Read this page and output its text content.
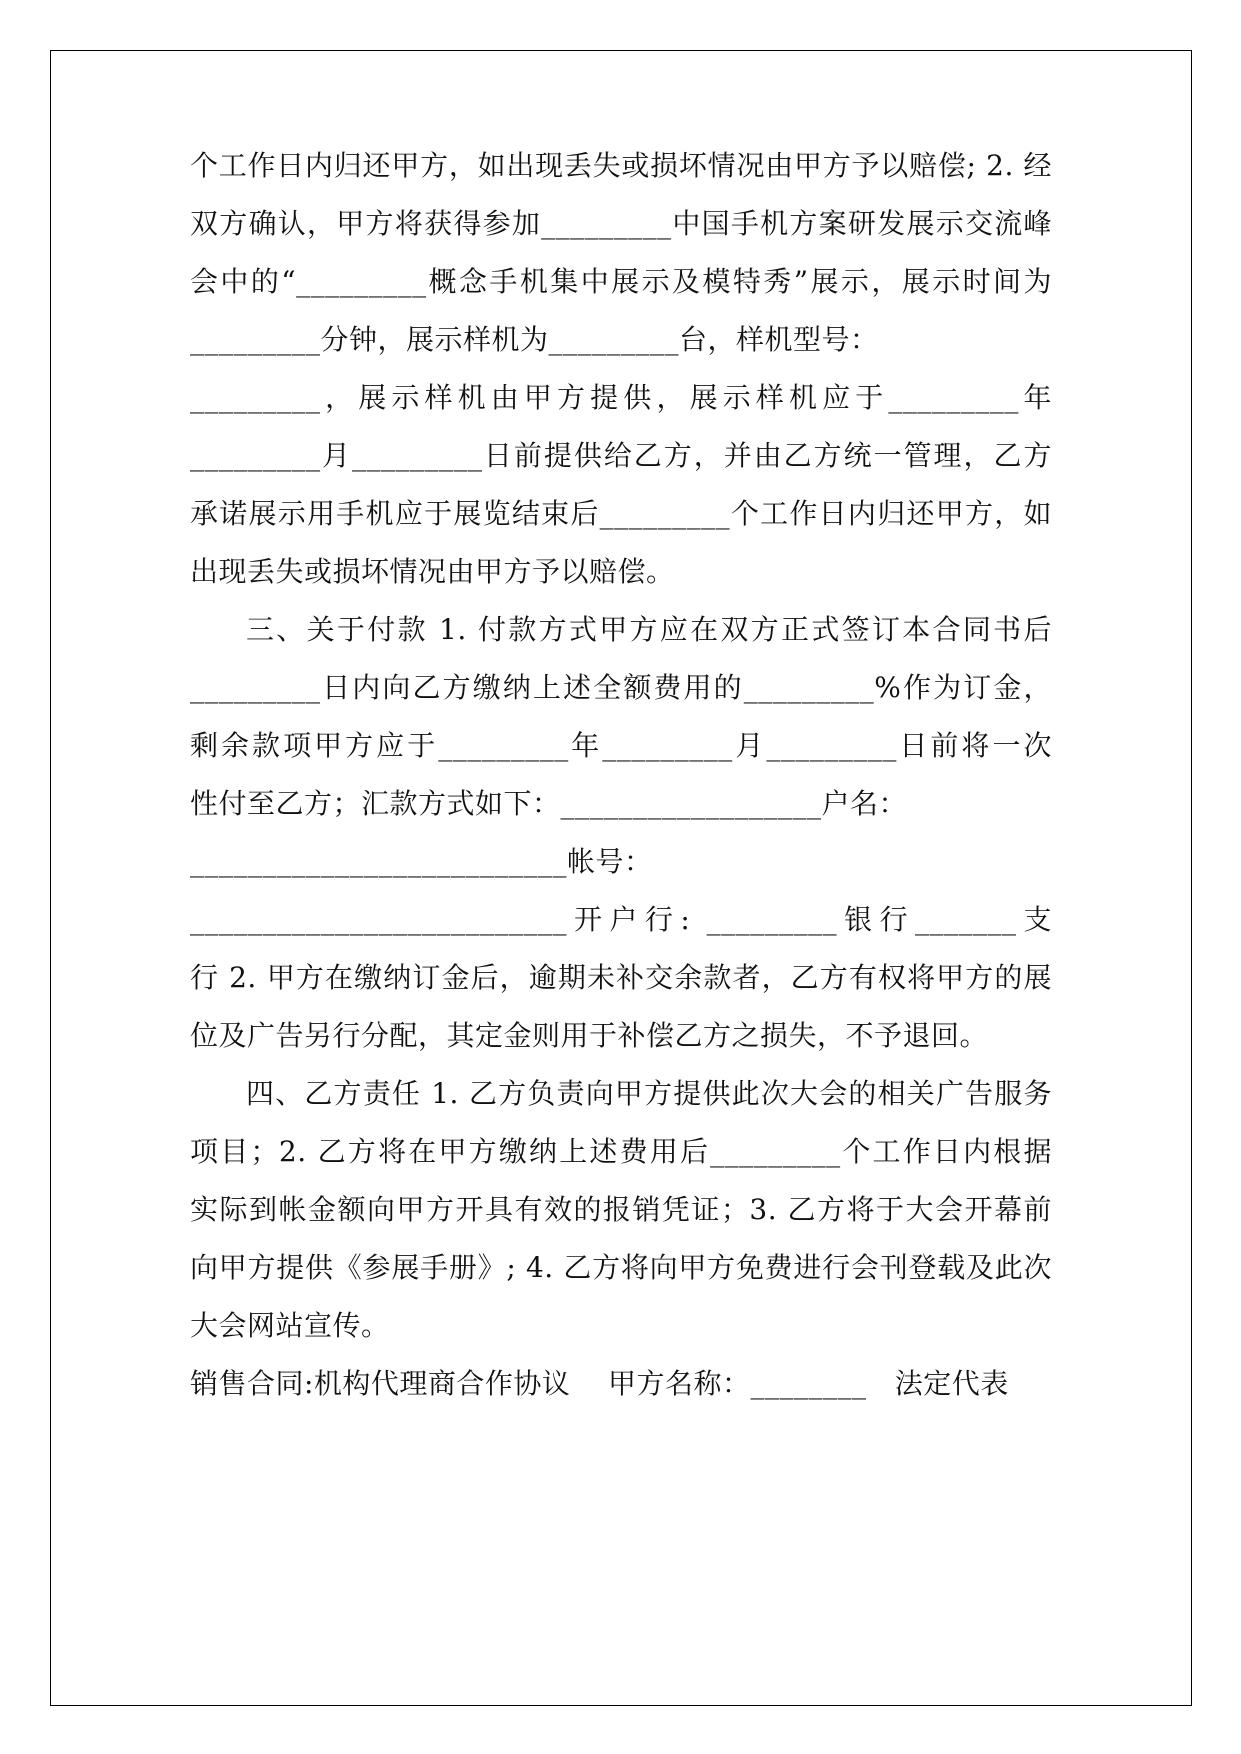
个工作日内归还甲方，如出现丢失或损坏情况由甲方予以赔偿; 2. 经
双方确认，甲方将获得参加_________中国手机方案研发展示交流峰
会中的“_________概念手机集中展示及模特秀”展示，展示时间为
_________分钟，展示样机为_________台，样机型号：
_________，展示样机由甲方提供，展示样机应于_________年
_________月_________日前提供给乙方，并由乙方统一管理，乙方
承诺展示用手机应于展览结束后_________个工作日内归还甲方，如
出现丢失或损坏情况由甲方予以赔偿。
三、关于付款 1. 付款方式甲方应在双方正式签订本合同书后
_________日内向乙方缴纳上述全额费用的_________%作为订金，
剩余款项甲方应于_________年_________月_________日前将一次
性付至乙方；汇款方式如下：__________________户名：
__________________________帐号：
__________________________开户行: _________银行_______支
行 2. 甲方在缴纳订金后，逾期未补交余款者，乙方有权将甲方的展
位及广告另行分配，其定金则用于补偿乙方之损失，不予退回。
四、乙方责任 1. 乙方负责向甲方提供此次大会的相关广告服务
项目；2. 乙方将在甲方缴纳上述费用后_________个工作日内根据
实际到帐金额向甲方开具有效的报销凭证；3. 乙方将于大会开幕前
向甲方提供《参展手册》; 4. 乙方将向甲方免费进行会刊登载及此次
大会网站宣传。
销售合同:机构代理商合作协议    甲方名称：________   法定代表
